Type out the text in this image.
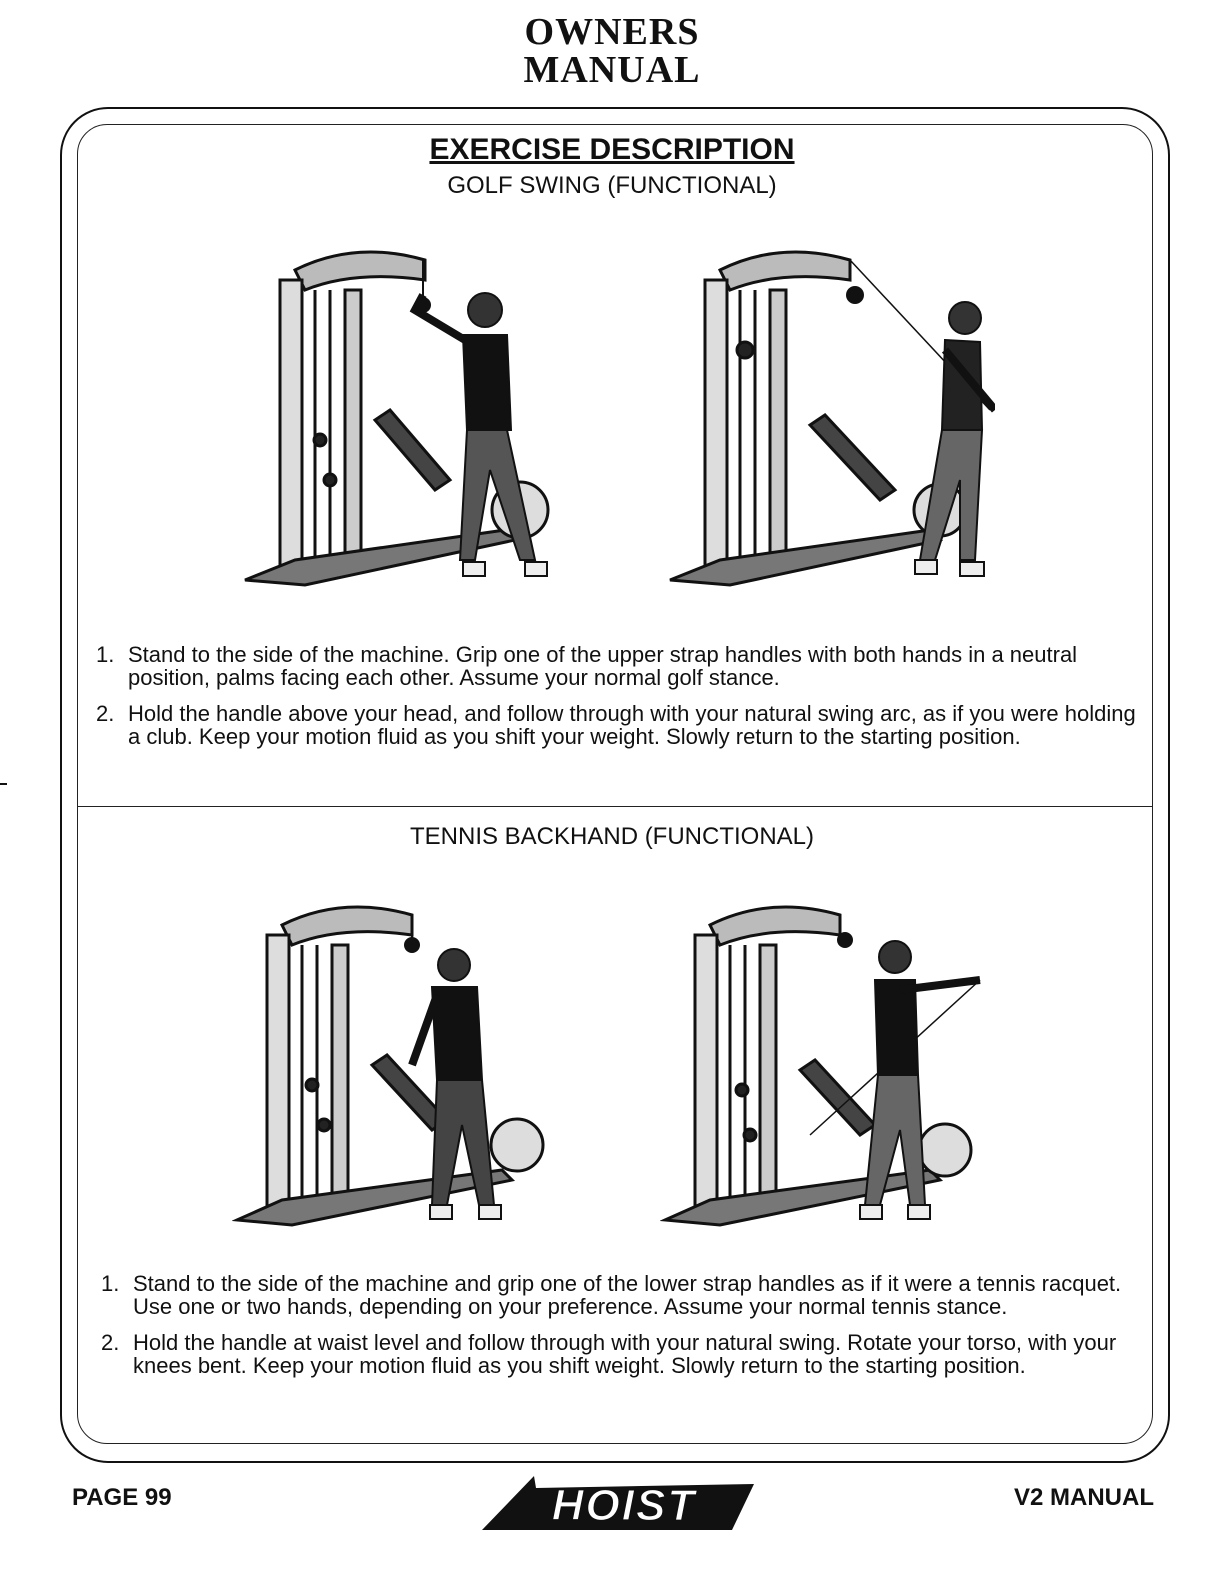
OWNERS
MANUAL
EXERCISE DESCRIPTION
GOLF SWING (FUNCTIONAL)
1. Stand to the side of the machine. Grip one of the upper strap handles with both hands in a neutral position, palms facing each other. Assume your normal golf stance.
2. Hold the handle above your head, and follow through with your natural swing arc, as if you were holding a club. Keep your motion fluid as you shift your weight. Slowly return to the starting position.
TENNIS BACKHAND (FUNCTIONAL)
1. Stand to the side of the machine and grip one of the lower strap handles as if it were a tennis racquet. Use one or two hands, depending on your preference. Assume your normal tennis stance.
2. Hold the handle at waist level and follow through with your natural swing. Rotate your torso, with your knees bent. Keep your motion fluid as you shift weight. Slowly return to the starting position.
PAGE 99	HOIST	V2 MANUAL
